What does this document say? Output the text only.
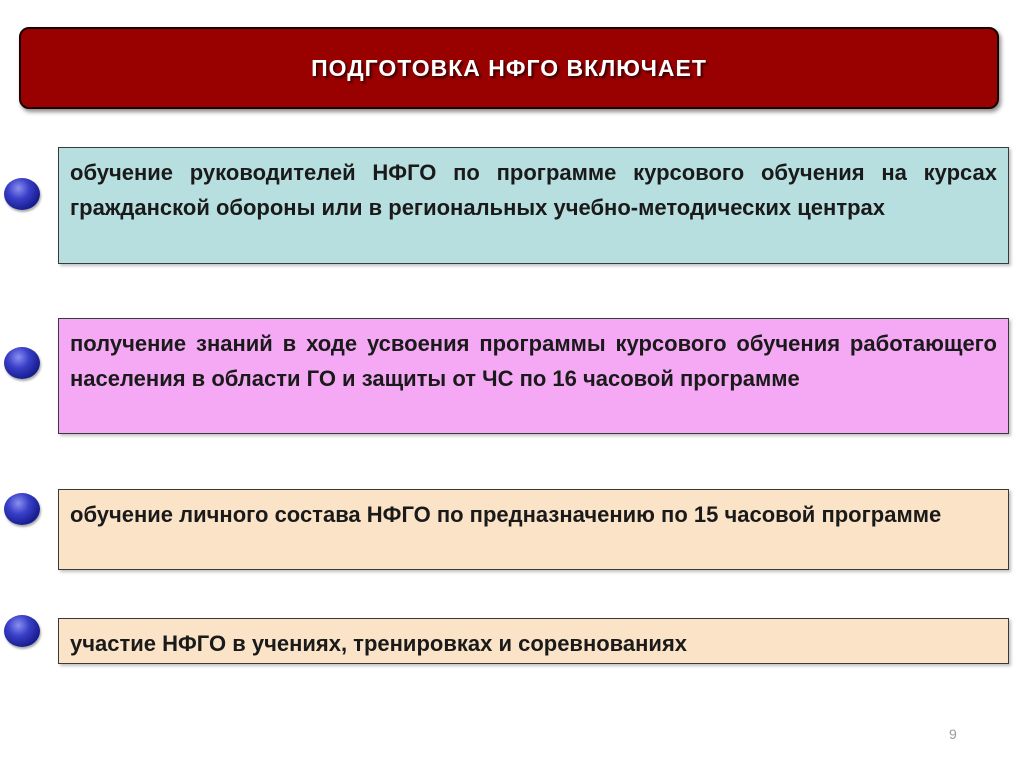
ПОДГОТОВКА НФГО ВКЛЮЧАЕТ
обучение руководителей НФГО по программе курсового обучения на курсах гражданской обороны или в региональных учебно-методических центрах
получение знаний в ходе усвоения программы курсового обучения работающего населения в области ГО и защиты от ЧС по 16 часовой программе
обучение личного состава НФГО по предназначению по 15 часовой программе
участие НФГО в учениях, тренировках и соревнованиях
9
